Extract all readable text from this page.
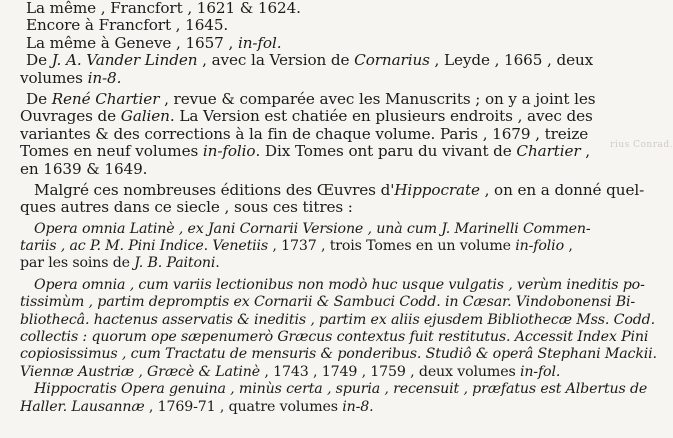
rius Conrad.
La même , Francfort , 1621 & 1624.
Encore à Francfort , 1645.
La même à Geneve , 1657 , in-fol.
De J. A. Vander Linden , avec la Version de Cornarius , Leyde , 1665 , deux
volumes in-8.
De René Chartier , revue & comparée avec les Manuscrits ; on y a joint les
Ouvrages de Galien. La Version est chatiée en plusieurs endroits , avec des
variantes & des corrections à la fin de chaque volume. Paris , 1679 , treize
Tomes en neuf volumes in-folio. Dix Tomes ont paru du vivant de Chartier ,
en 1639 & 1649.
Malgré ces nombreuses éditions des Œuvres d'Hippocrate , on en a donné quel-
ques autres dans ce siecle , sous ces titres :
Opera omnia Latinè , ex Jani Cornarii Versione , unà cum J. Marinelli Commen-
tariis , ac P. M. Pini Indice. Venetiis , 1737 , trois Tomes en un volume in-folio ,
par les soins de J. B. Paitoni.
Opera omnia , cum variis lectionibus non modò huc usque vulgatis , verùm ineditis po-
tissimùm , partim depromptis ex Cornarii & Sambuci Codd. in Cæsar. Vindobonensi Bi-
bliothecâ. hactenus asservatis & ineditis , partim ex aliis ejusdem Bibliothecæ Mss. Codd.
collectis : quorum ope sæpenumerò Græcus contextus fuit restitutus. Accessit Index Pini
copiosissimus , cum Tractatu de mensuris & ponderibus. Studiô & operâ Stephani Mackii.
Viennæ Austriæ , Græcè & Latinè , 1743 , 1749 , 1759 , deux volumes in-fol.
Hippocratis Opera genuina , minùs certa , spuria , recensuit , præfatus est Albertus de
Haller. Lausannæ , 1769-71 , quatre volumes in-8.
